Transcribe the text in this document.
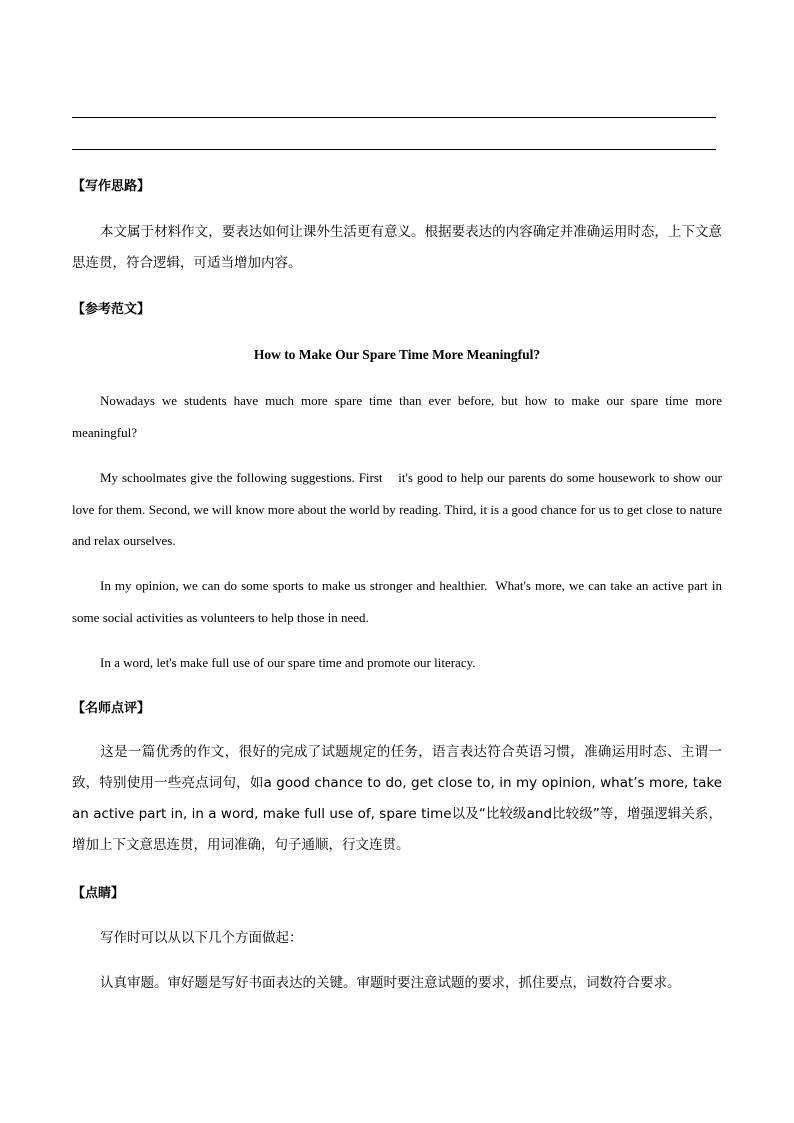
【写作思路】
本文属于材料作文，要表达如何让课外生活更有意义。根据要表达的内容确定并准确运用时态，上下文意思连贯，符合逻辑，可适当增加内容。
【参考范文】
How to Make Our Spare Time More Meaningful?
Nowadays we students have much more spare time than ever before, but how to make our spare time more meaningful?
My schoolmates give the following suggestions. First    it's good to help our parents do some housework to show our love for them. Second, we will know more about the world by reading. Third, it is a good chance for us to get close to nature and relax ourselves.
In my opinion, we can do some sports to make us stronger and healthier.  What's more, we can take an active part in some social activities as volunteers to help those in need.
In a word, let's make full use of our spare time and promote our literacy.
【名师点评】
这是一篇优秀的作文，很好的完成了试题规定的任务，语言表达符合英语习惯，准确运用时态、主谓一致，特别使用一些亮点词句，如a good chance to do, get close to, in my opinion, what’s more, take an active part in, in a word, make full use of, spare time以及“比较级and比较级”等，增强逻辑关系，增加上下文意思连贯，用词准确，句子通顺，行文连贯。
【点睛】
写作时可以从以下几个方面做起：
认真审题。审好题是写好书面表达的关键。审题时要注意试题的要求，抓住要点，词数符合要求。
